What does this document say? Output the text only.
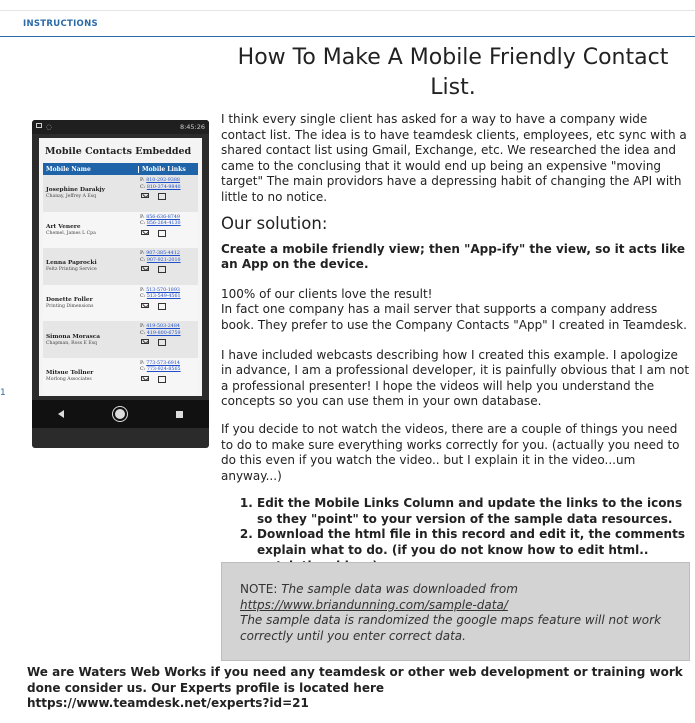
INSTRUCTIONS
1
How To Make A Mobile Friendly Contact List.
◌	8:45:26
Mobile Contacts Embedded
Mobile Name	Mobile Links
Josephine Darakjy
Chanay, Jeffrey A Esq
P: 810-292-9388
C: 810-374-9840
Art Venere
Chemel, James L Cpa
P: 856-636-8749
C: 856-264-4130
Lenna Paprocki
Feltz Printing Service
P: 907-385-4412
C: 907-921-2010
Donette Foller
Printing Dimensions
P: 513-570-1893
C: 513-549-4561
Simona Morasca
Chapman, Ross E Esq
P: 419-503-2484
C: 419-800-6759
Mitsue Tollner
Morlong Associates
P: 773-573-6914
C: 773-924-8565

I think every single client has asked for a way to have a company wide contact list. The idea is to have teamdesk clients, employees, etc sync with a shared contact list using Gmail, Exchange, etc. We researched the idea and came to the conclusing that it would end up being an expensive "moving target" The main providors have a depressing habit of changing the API with little to no notice.

Our solution:

Create a mobile friendly view; then "App-ify" the view, so it acts like an App on the device.

100% of our clients love the result!

In fact one company has a mail server that supports a company address book. They prefer to use the Company Contacts "App" I created in Teamdesk.

I have included webcasts describing how I created this example. I apologize in advance, I am a professional developer, it is painfully obvious that I am not a professional presenter! I hope the videos will help you understand the concepts so you can use them in your own database.

If you decide to not watch the videos, there are a couple of things you need to do to make sure everything works correctly for you. (actually you need to do this even if you watch the video.. but I explain it in the video...um anyway...)

1. Edit the Mobile Links Column and update the links to the icons so they "point" to your version of the sample data resources.
2. Download the html file in this record and edit it, the comments explain what to do. (if you do not know how to edit html..
NOTE: The sample data was downloaded from
https://www.briandunning.com/sample-data/
The sample data is randomized the google maps feature will not work correctly until you enter correct data.
We are Waters Web Works if you need any teamdesk or other web development or training work done consider us. Our Experts profile is located here
https://www.teamdesk.net/experts?id=21
